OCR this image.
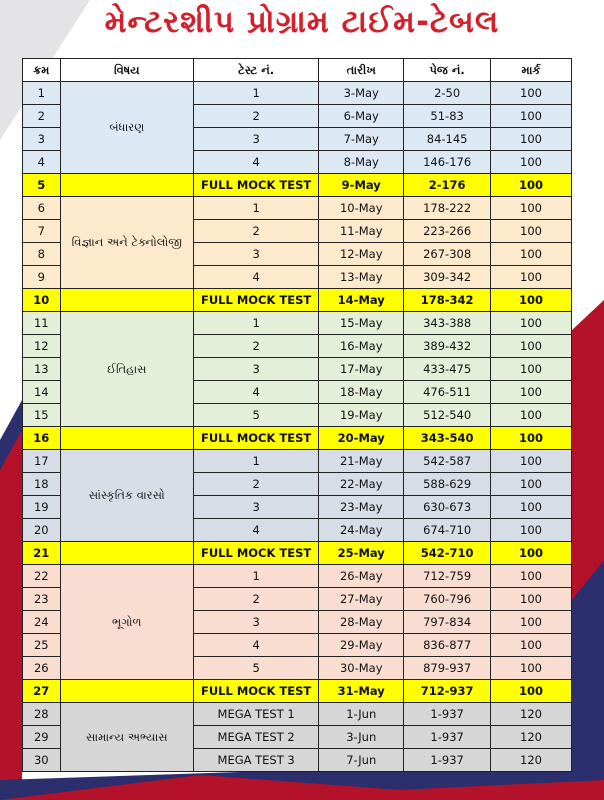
મેન્ટરશીપ પ્રોગ્રામ ટાઈમ-ટેબલ
ક્રમ	વિષય	ટેસ્ટ નં.	તારીખ	પેજ નં.	માર્ક
1	બંધારણ	1	3-May	2-50	100
2		2	6-May	51-83	100
3		3	7-May	84-145	100
4		4	8-May	146-176	100
5		FULL MOCK TEST	9-May	2-176	100
6	વિજ્ઞાન અને ટેક્નોલોજી	1	10-May	178-222	100
7		2	11-May	223-266	100
8		3	12-May	267-308	100
9		4	13-May	309-342	100
10		FULL MOCK TEST	14-May	178-342	100
11	ઈતિહાસ	1	15-May	343-388	100
12		2	16-May	389-432	100
13		3	17-May	433-475	100
14		4	18-May	476-511	100
15		5	19-May	512-540	100
16		FULL MOCK TEST	20-May	343-540	100
17	સાંસ્કૃતિક વારસો	1	21-May	542-587	100
18		2	22-May	588-629	100
19		3	23-May	630-673	100
20		4	24-May	674-710	100
21		FULL MOCK TEST	25-May	542-710	100
22	ભૂગોળ	1	26-May	712-759	100
23		2	27-May	760-796	100
24		3	28-May	797-834	100
25		4	29-May	836-877	100
26		5	30-May	879-937	100
27		FULL MOCK TEST	31-May	712-937	100
28	સામાન્ય અભ્યાસ	MEGA TEST 1	1-Jun	1-937	120
29		MEGA TEST 2	3-Jun	1-937	120
30		MEGA TEST 3	7-Jun	1-937	120
